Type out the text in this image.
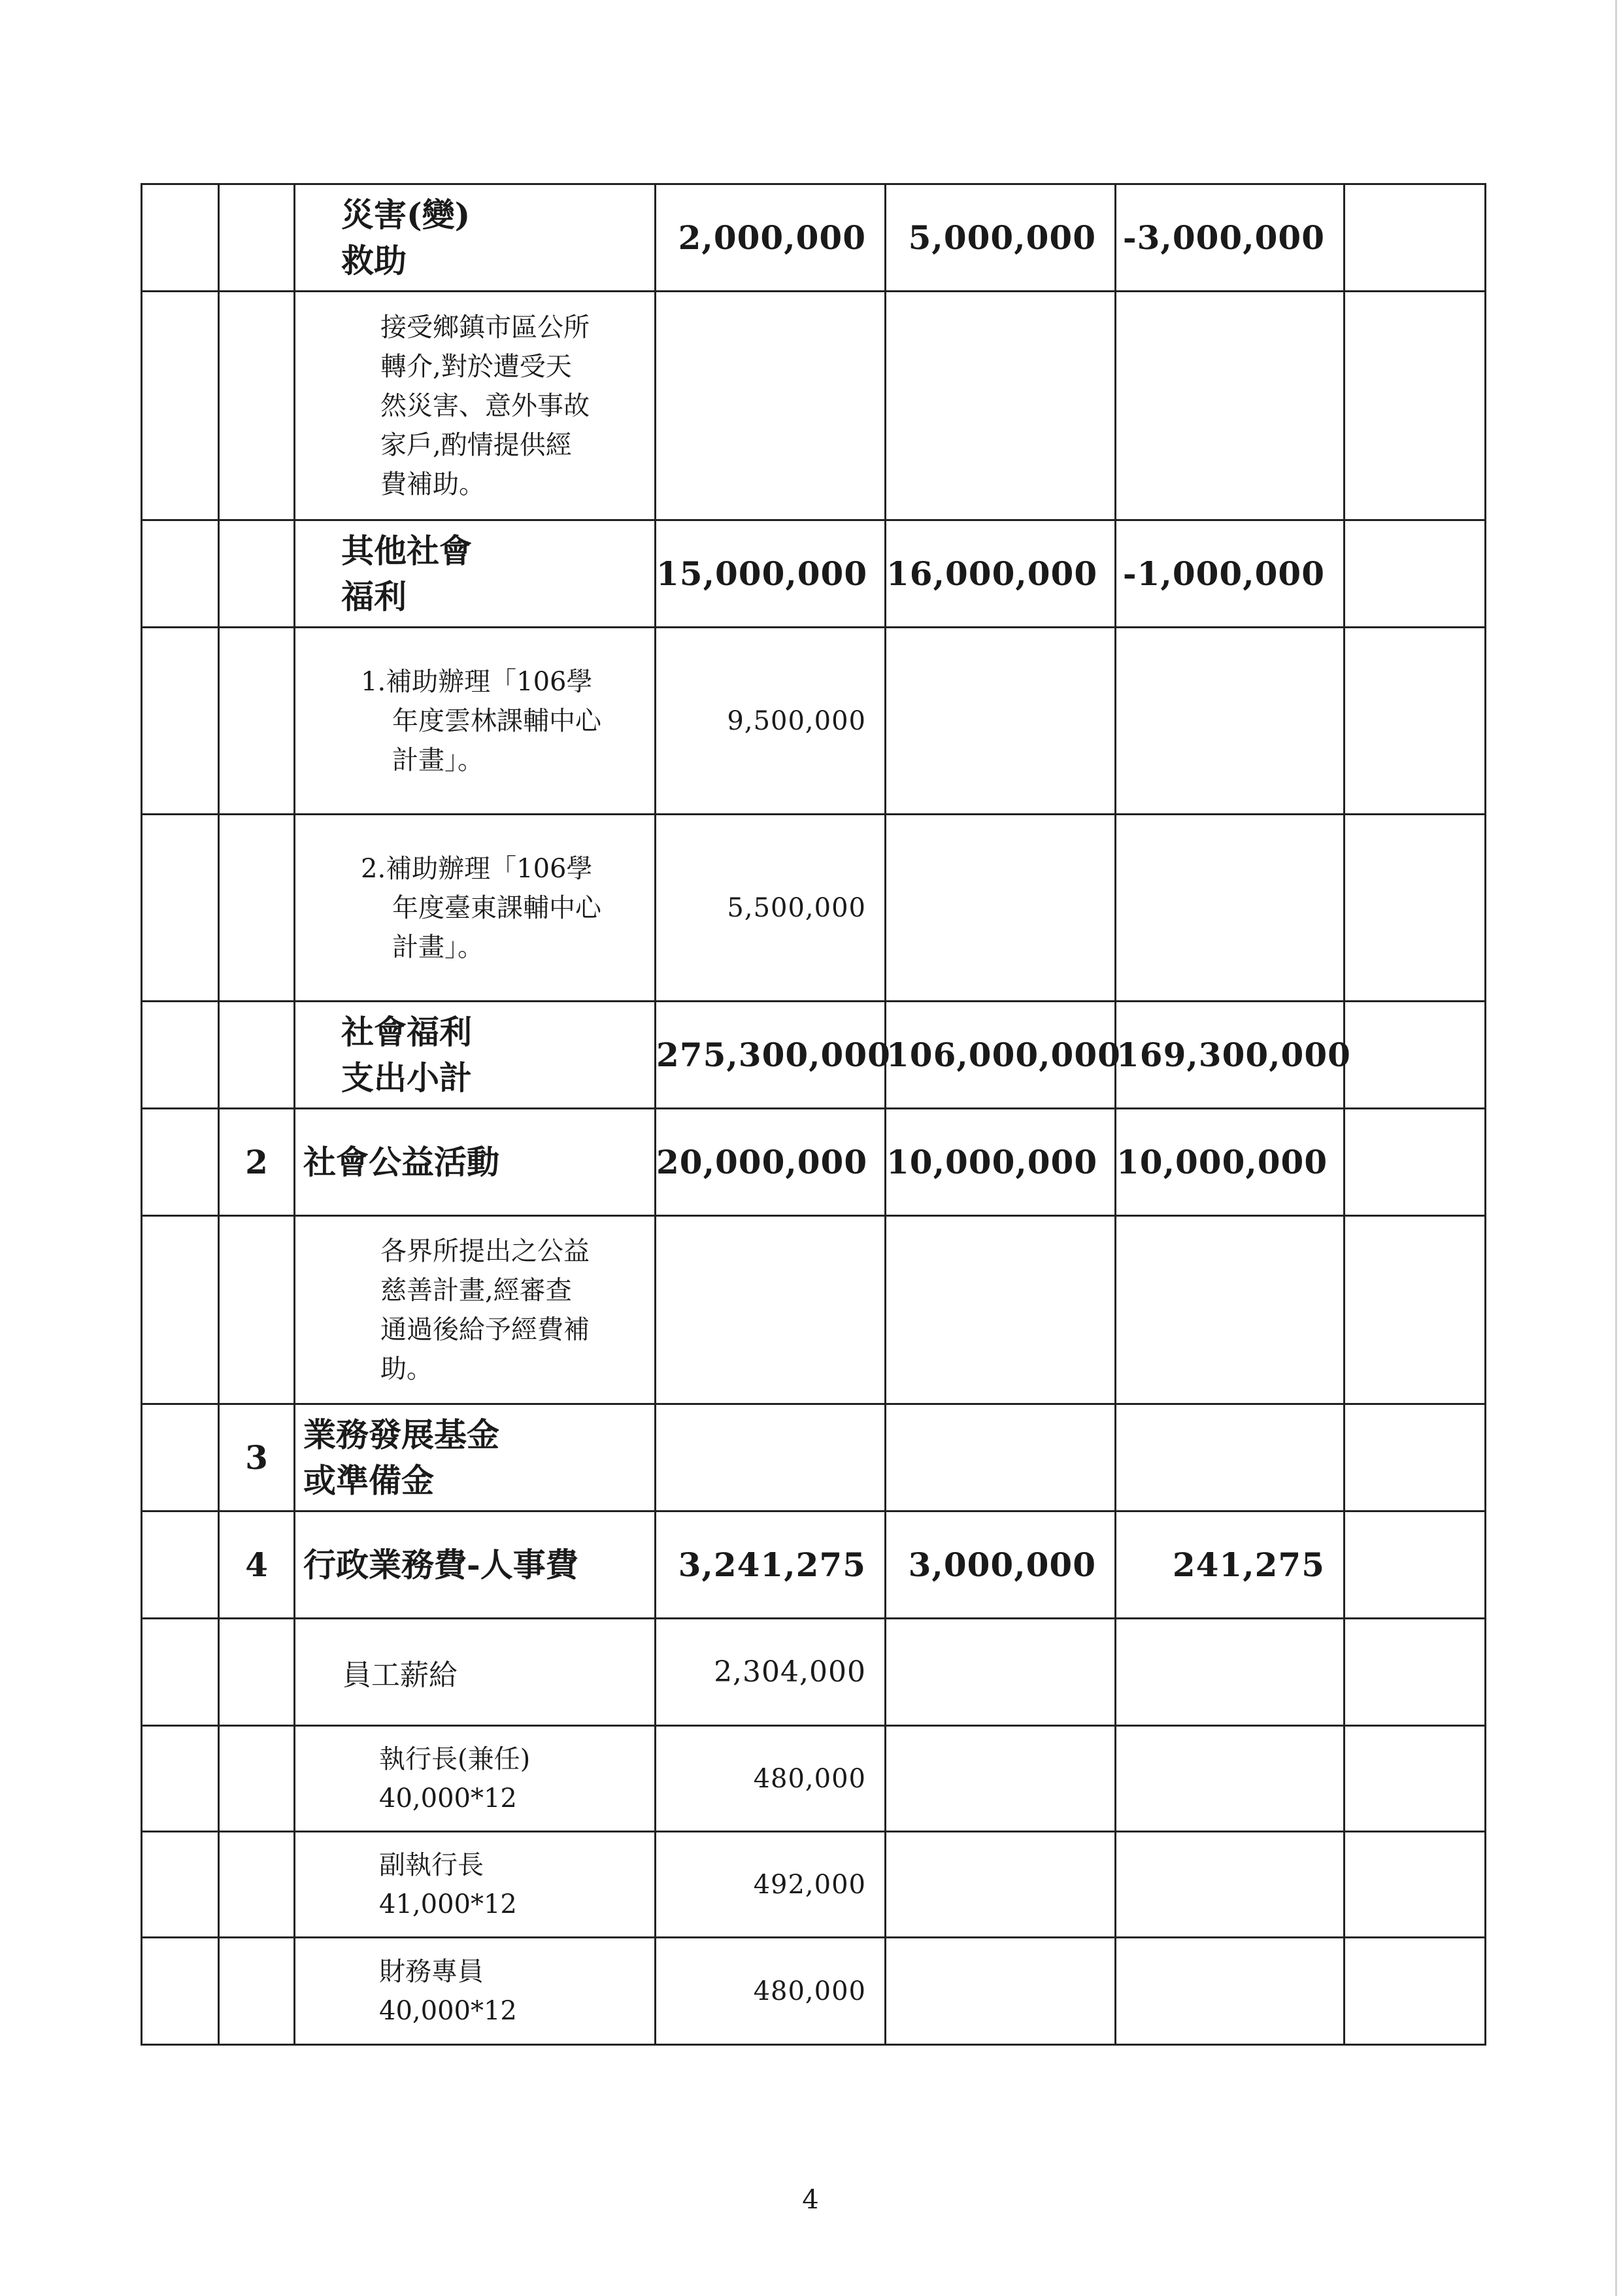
		災害(變)
救助	2,000,000	5,000,000	-3,000,000	

		接受鄉鎮市區公所
轉介,對於遭受天
然災害、意外事故
家戶,酌情提供經
費補助。				

		其他社會
福利	15,000,000	16,000,000	-1,000,000	

		1.補助辦理「106學
年度雲林課輔中心
計畫」。	9,500,000			

		2.補助辦理「106學
年度臺東課輔中心
計畫」。	5,500,000			

		社會福利
支出小計	275,300,000	106,000,000	169,300,000	
	2	社會公益活動	20,000,000	10,000,000	10,000,000	

		各界所提出之公益
慈善計畫,經審查
通過後給予經費補
助。				

	3	業務發展基金
或準備金				

	4	行政業務費-人事費	3,241,275	3,000,000	241,275	

		員工薪給	2,304,000			

		執行長(兼任)
40,000*12	480,000			

		副執行長
41,000*12	492,000			

		財務專員
40,000*12	480,000			
4
